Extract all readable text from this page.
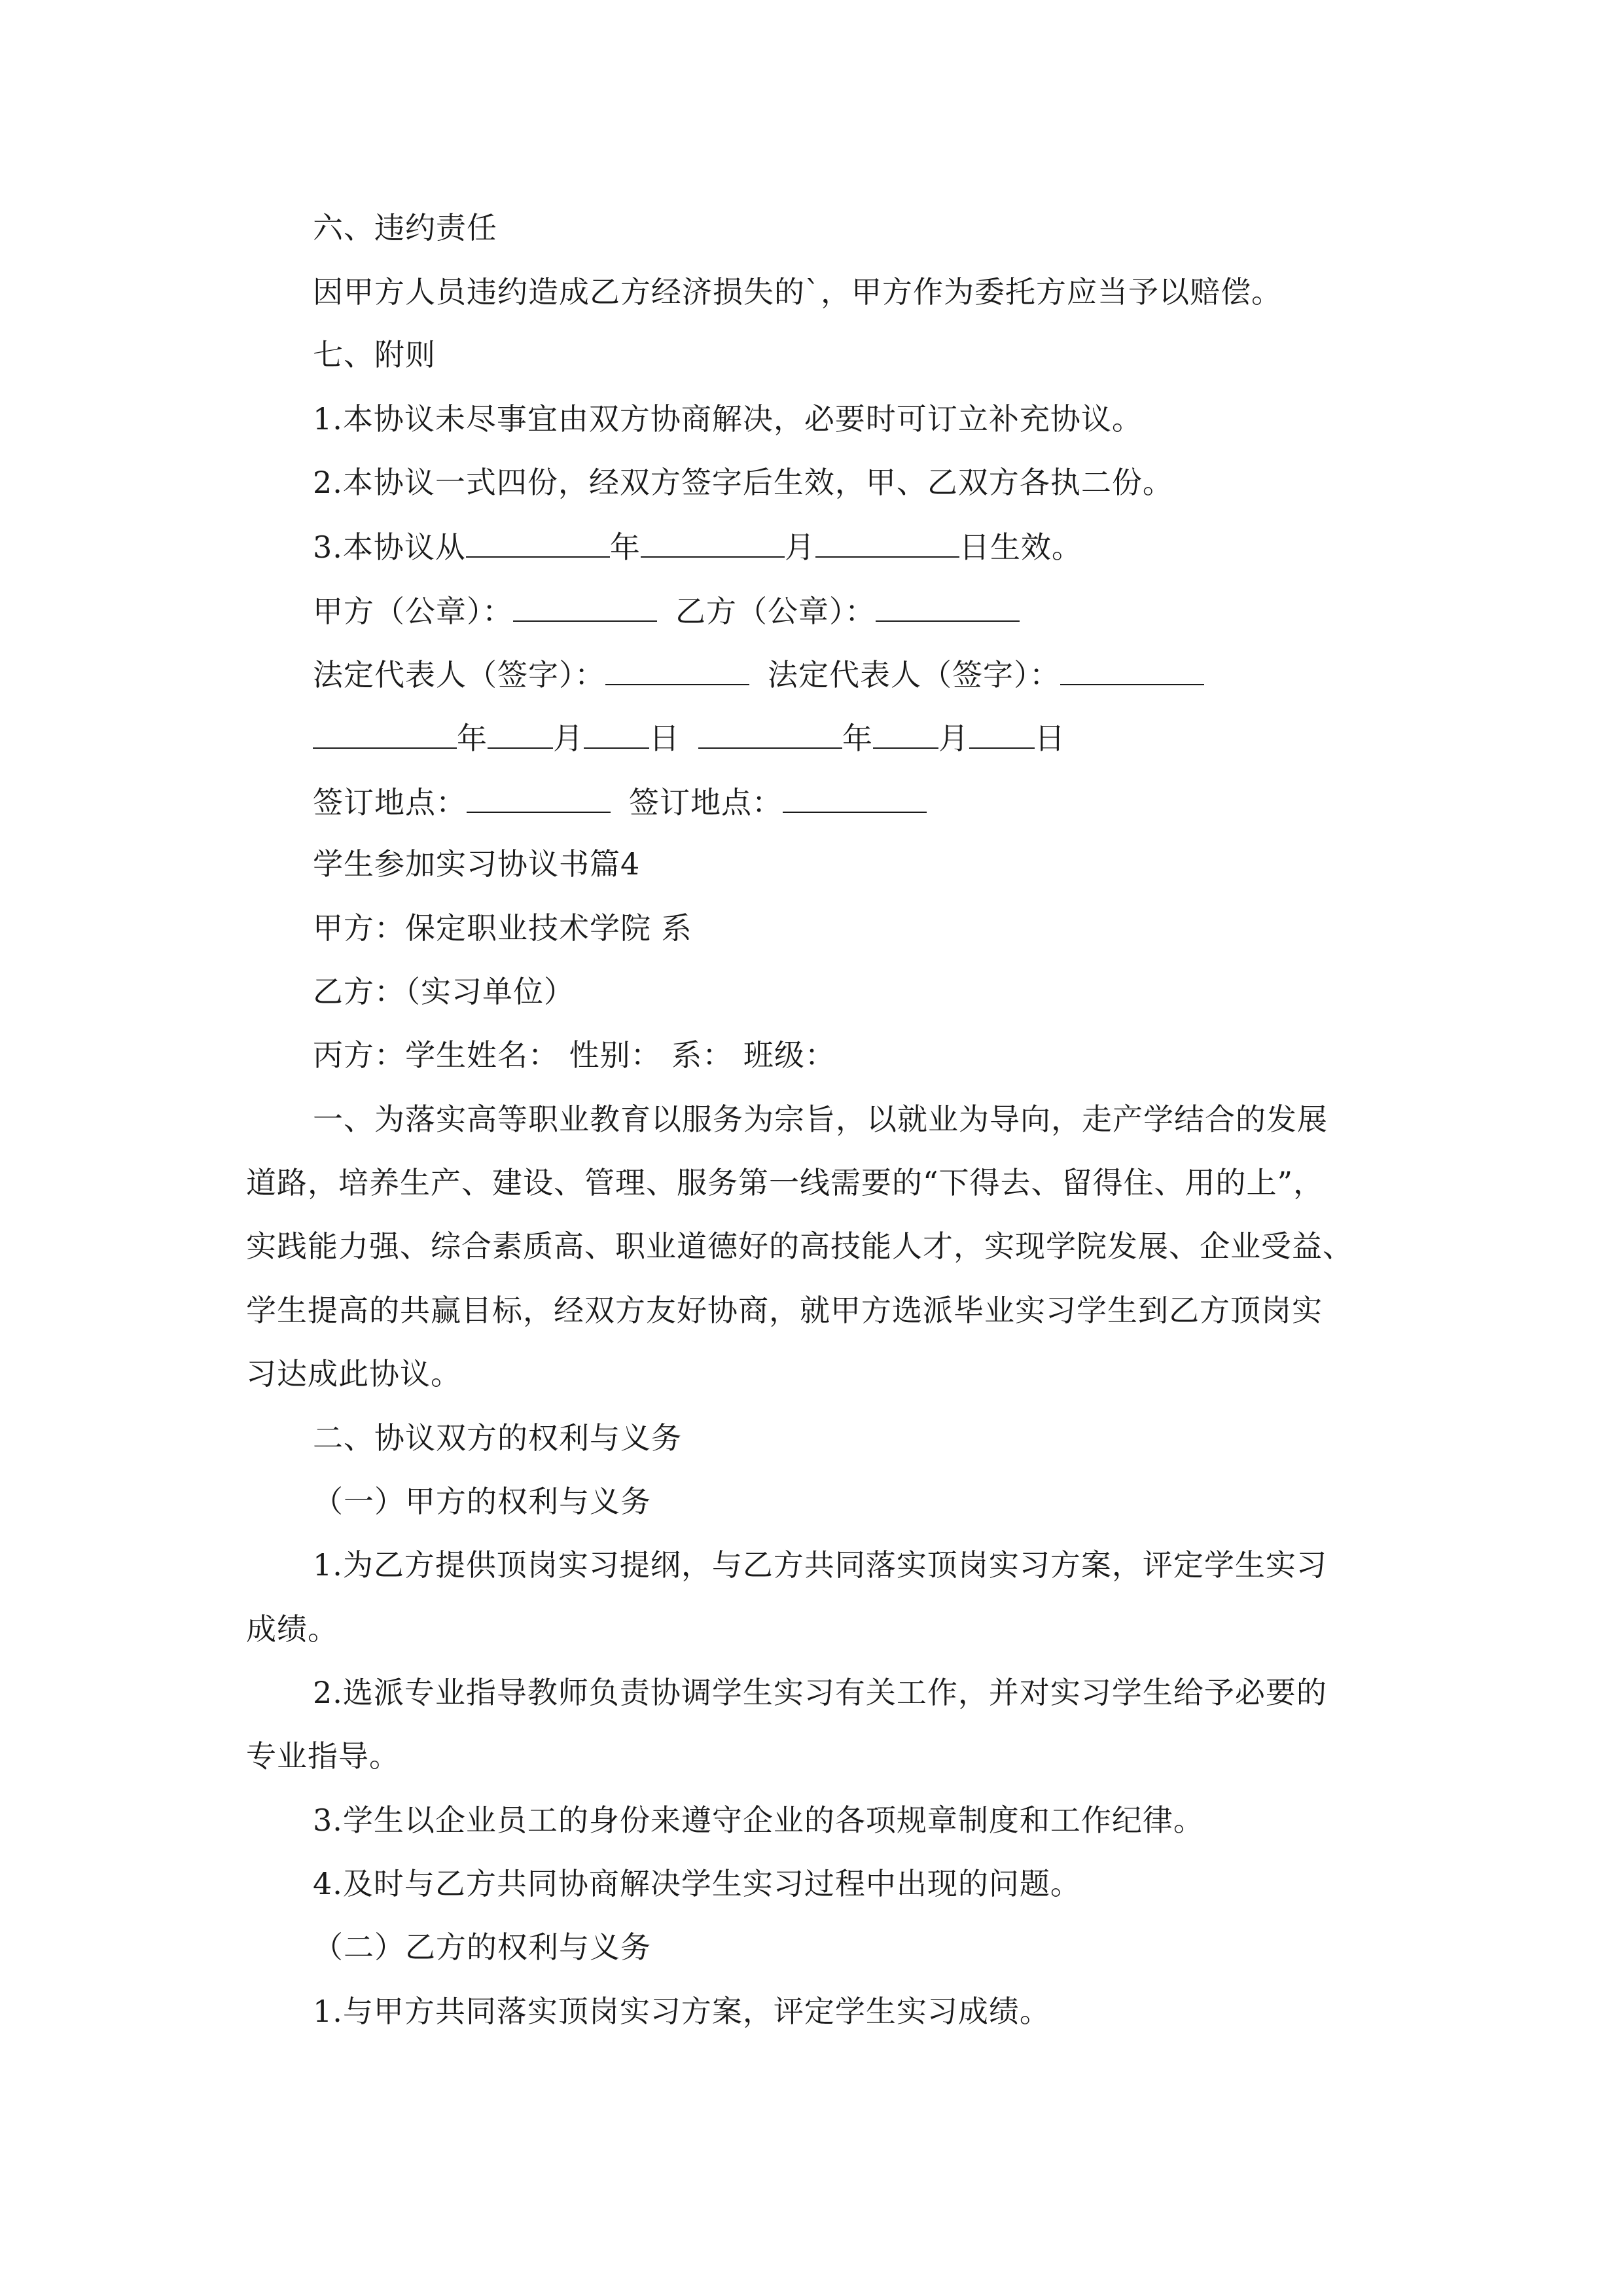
六、违约责任
因甲方人员违约造成乙方经济损失的`，甲方作为委托方应当予以赔偿。
七、附则
1.本协议未尽事宜由双方协商解决，必要时可订立补充协议。
2.本协议一式四份，经双方签字后生效，甲、乙双方各执二份。
3.本协议从	年	月	日生效。
甲方（公章）：	乙方（公章）：
法定代表人（签字）：	法定代表人（签字）：
年 月 日	年 月 日
签订地点：	签订地点：
学生参加实习协议书篇4
甲方：保定职业技术学院 系
乙方：（实习单位）
丙方：学生姓名： 性别： 系： 班级：
一、为落实高等职业教育以服务为宗旨，以就业为导向，走产学结合的发展
道路，培养生产、建设、管理、服务第一线需要的“下得去、留得住、用的上”，
实践能力强、综合素质高、职业道德好的高技能人才，实现学院发展、企业受益、
学生提高的共赢目标，经双方友好协商，就甲方选派毕业实习学生到乙方顶岗实
习达成此协议。
二、协议双方的权利与义务
（一）甲方的权利与义务
1.为乙方提供顶岗实习提纲，与乙方共同落实顶岗实习方案，评定学生实习
成绩。
2.选派专业指导教师负责协调学生实习有关工作，并对实习学生给予必要的
专业指导。
3.学生以企业员工的身份来遵守企业的各项规章制度和工作纪律。
4.及时与乙方共同协商解决学生实习过程中出现的问题。
（二）乙方的权利与义务
1.与甲方共同落实顶岗实习方案，评定学生实习成绩。
